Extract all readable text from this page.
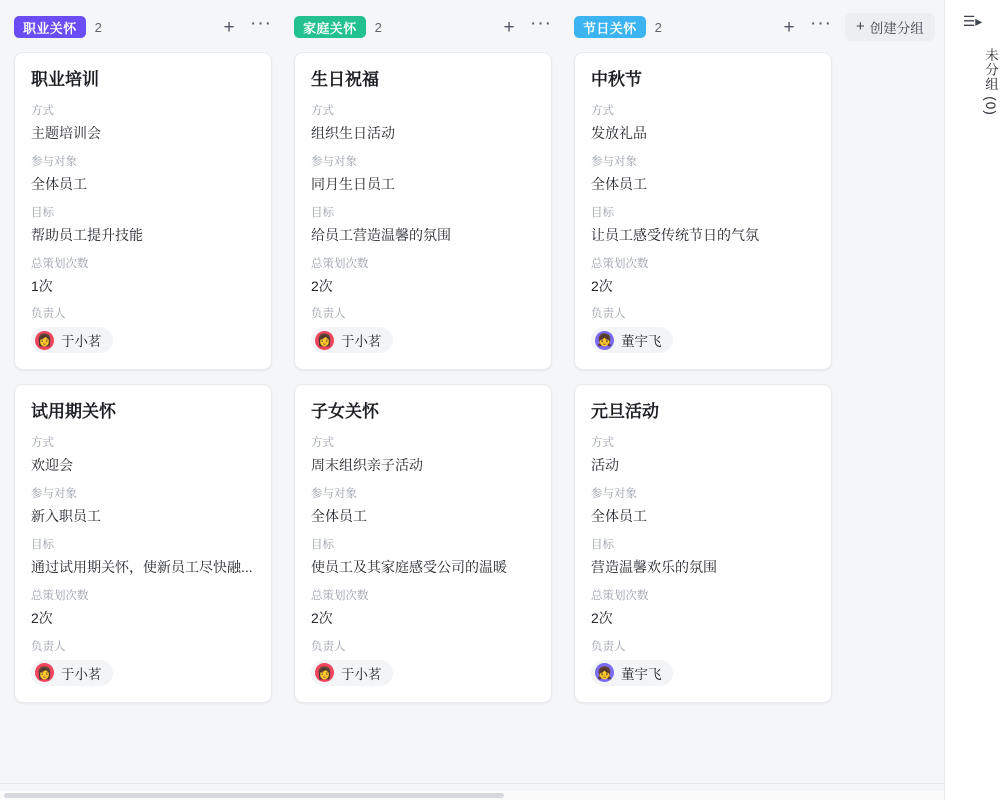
职业关怀	2	+ ···
职业培训
方式
主题培训会
参与对象
全体员工
目标
帮助员工提升技能
总策划次数
1次
负责人
👩 于小茗
试用期关怀
方式
欢迎会
参与对象
新入职员工
目标
通过试用期关怀，使新员工尽快融...
总策划次数
2次
负责人
👩 于小茗
家庭关怀	2	+ ···
生日祝福
方式
组织生日活动
参与对象
同月生日员工
目标
给员工营造温馨的氛围
总策划次数
2次
负责人
👩 于小茗
子女关怀
方式
周末组织亲子活动
参与对象
全体员工
目标
使员工及其家庭感受公司的温暖
总策划次数
2次
负责人
👩 于小茗
节日关怀	2	+ ···
中秋节
方式
发放礼品
参与对象
全体员工
目标
让员工感受传统节日的气氛
总策划次数
2次
负责人
👧 董宇飞
元旦活动
方式
活动
参与对象
全体员工
目标
营造温馨欢乐的氛围
总策划次数
2次
负责人
👧 董宇飞
+ 创建分组	☰▸
未分组 (0)
